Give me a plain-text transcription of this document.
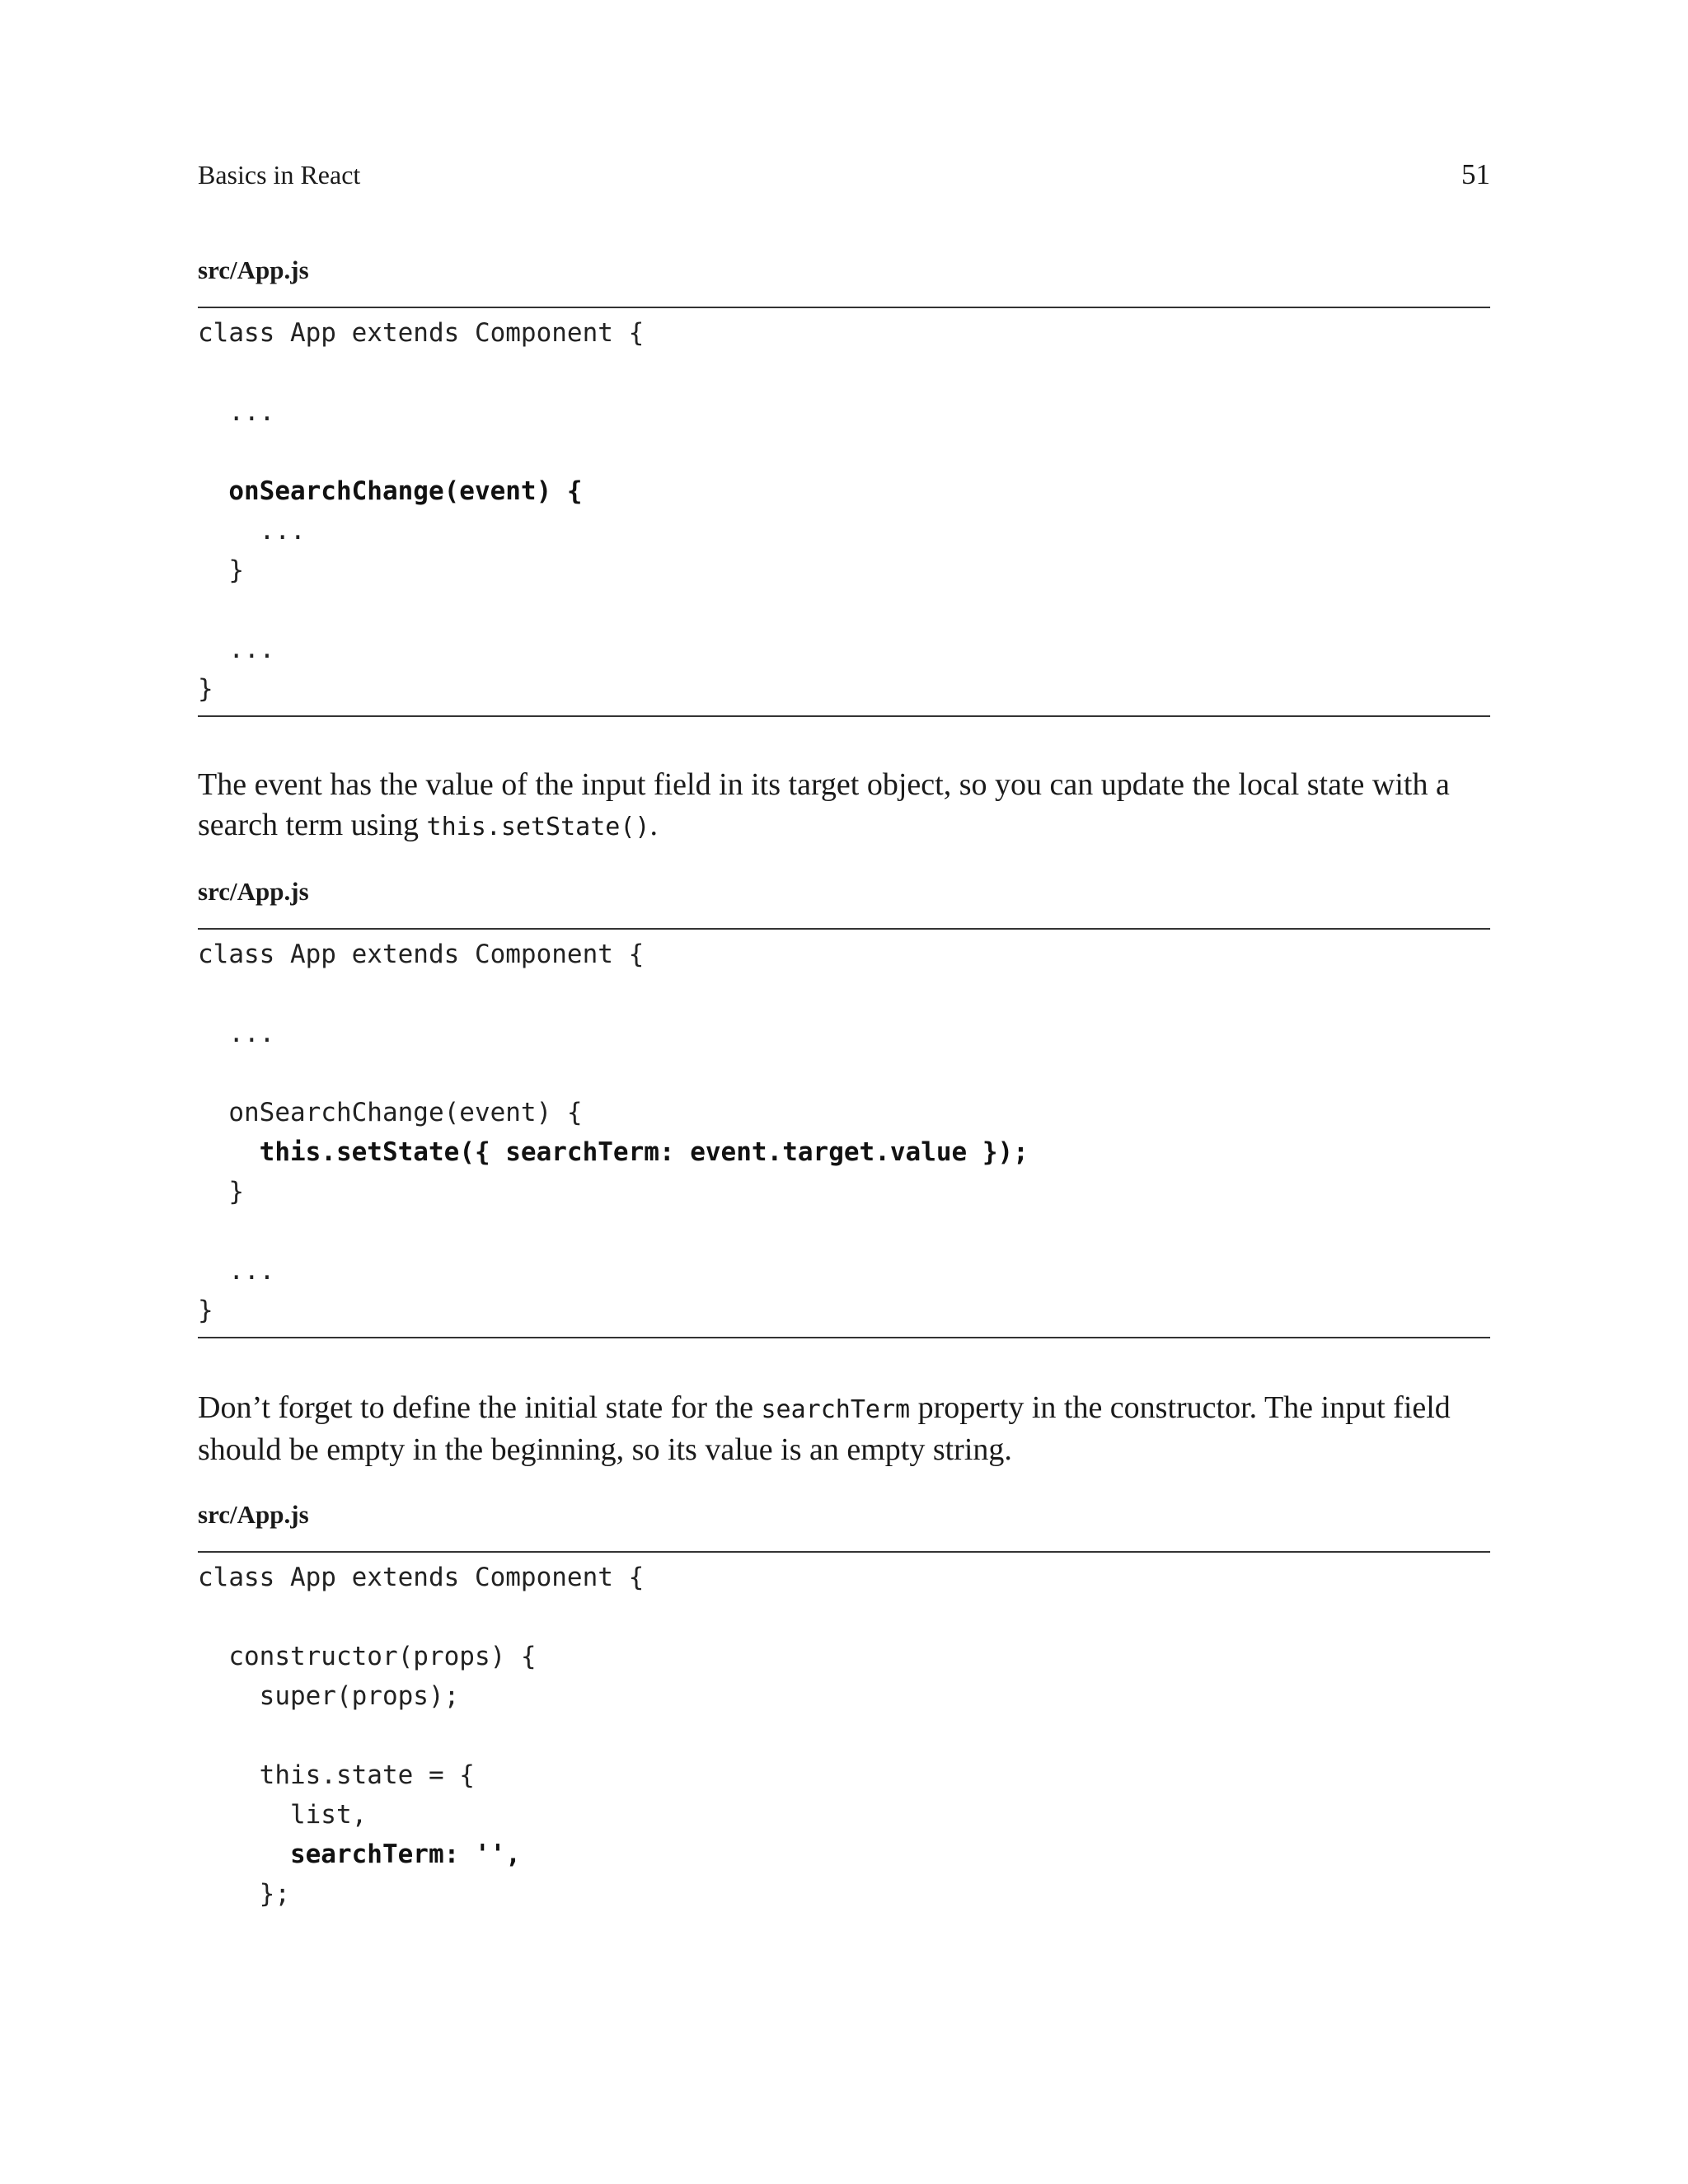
Basics in React	51
src/App.js
class App extends Component {
...
onSearchChange(event) {
...
}
...
}
The event has the value of the input field in its target object, so you can update the local state with a search term using this.setState().
src/App.js
class App extends Component {
...
onSearchChange(event) {
this.setState({ searchTerm: event.target.value });
}
...
}
Don’t forget to define the initial state for the searchTerm property in the constructor. The input field should be empty in the beginning, so its value is an empty string.
src/App.js
class App extends Component {
constructor(props) {
super(props);
this.state = {
list,
searchTerm: '',
};
